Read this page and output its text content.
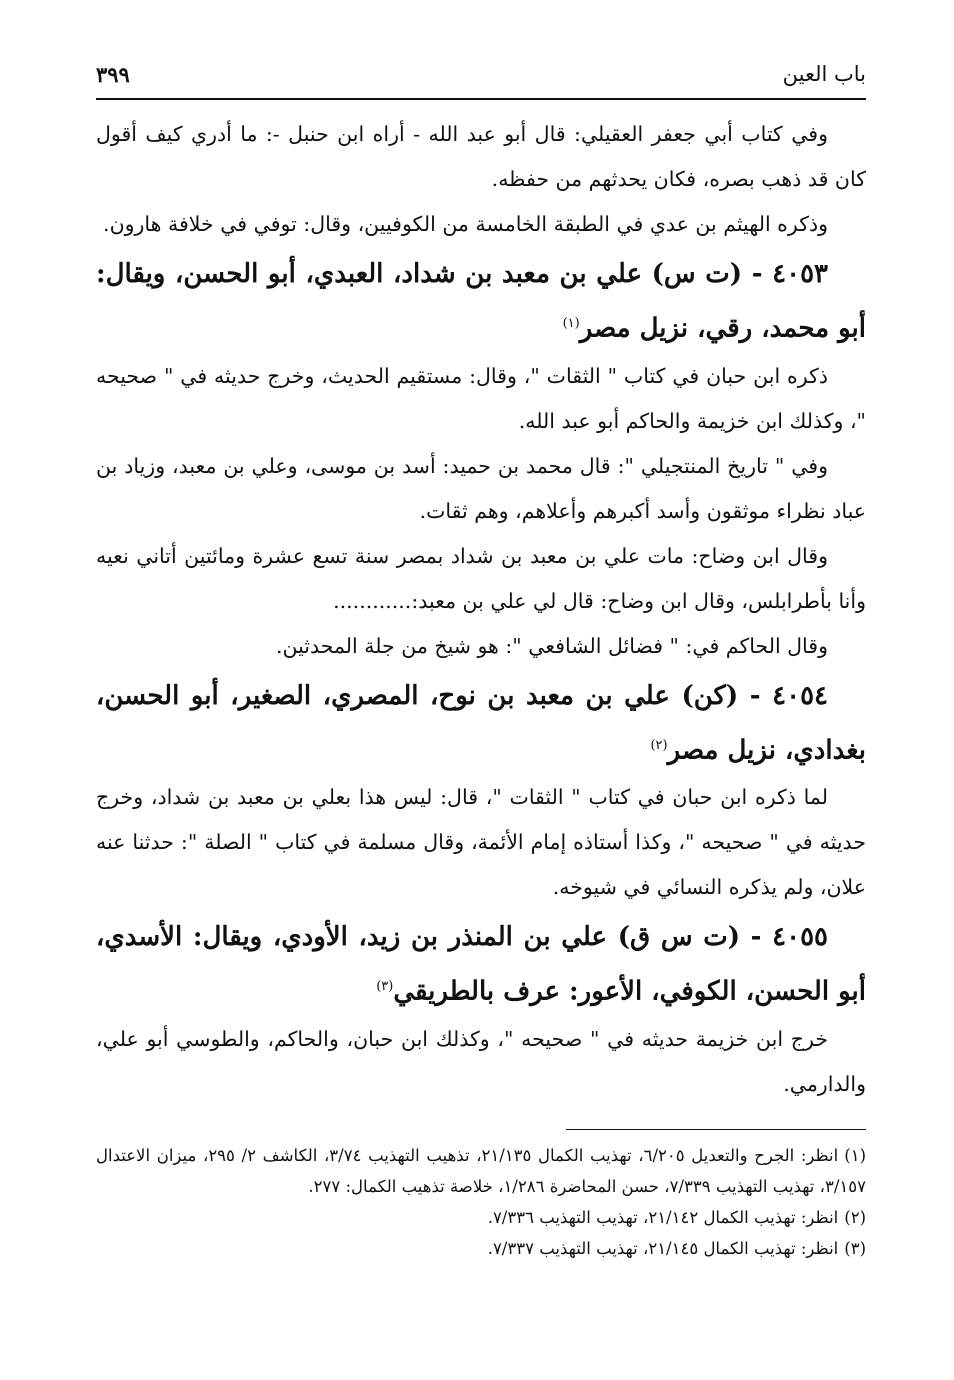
باب العين
٣٩٩

وفي كتاب أبي جعفر العقيلي: قال أبو عبد الله - أراه ابن حنبل -: ما أدري كيف أقول كان قد ذهب بصره، فكان يحدثهم من حفظه.

وذكره الهيثم بن عدي في الطبقة الخامسة من الكوفيين، وقال: توفي في خلافة هارون.

٤٠٥٣ - (ت س) علي بن معبد بن شداد، العبدي، أبو الحسن، ويقال: أبو محمد، رقي، نزيل مصر$^{(١)}$

ذكره ابن حبان في كتاب " الثقات "، وقال: مستقيم الحديث، وخرج حديثه في " صحيحه "، وكذلك ابن خزيمة والحاكم أبو عبد الله.

وفي " تاريخ المنتجيلي ": قال محمد بن حميد: أسد بن موسى، وعلي بن معبد، وزياد بن عباد نظراء موثقون وأسد أكبرهم وأعلاهم، وهم ثقات.

وقال ابن وضاح: مات علي بن معبد بن شداد بمصر سنة تسع عشرة ومائتين أتاني نعيه وأنا بأطرابلس، وقال ابن وضاح: قال لي علي بن معبد:............

وقال الحاكم في: " فضائل الشافعي ": هو شيخ من جلة المحدثين.

٤٠٥٤ - (كن) علي بن معبد بن نوح، المصري، الصغير، أبو الحسن، بغدادي، نزيل مصر$^{(٢)}$

لما ذكره ابن حبان في كتاب " الثقات "، قال: ليس هذا بعلي بن معبد بن شداد، وخرج حديثه في " صحيحه "، وكذا أستاذه إمام الأئمة، وقال مسلمة في كتاب " الصلة ": حدثنا عنه علان، ولم يذكره النسائي في شيوخه.

٤٠٥٥ - (ت س ق) علي بن المنذر بن زيد، الأودي، ويقال: الأسدي، أبو الحسن، الكوفي، الأعور: عرف بالطريقي$^{(٣)}$

خرج ابن خزيمة حديثه في " صحيحه "، وكذلك ابن حبان، والحاكم، والطوسي أبو علي، والدارمي.

(١)انظر: الجرح والتعديل ٦/٢٠٥، تهذيب الكمال ٢١/١٣٥، تذهيب التهذيب ٣/٧٤، الكاشف ٢/ ٢٩٥، ميزان الاعتدال ٣/١٥٧، تهذيب التهذيب ٧/٣٣٩، حسن المحاضرة ١/٢٨٦، خلاصة تذهيب الكمال: ٢٧٧.

(٢)انظر: تهذيب الكمال ٢١/١٤٢، تهذيب التهذيب ٧/٣٣٦.

(٣)انظر: تهذيب الكمال ٢١/١٤٥، تهذيب التهذيب ٧/٣٣٧.
